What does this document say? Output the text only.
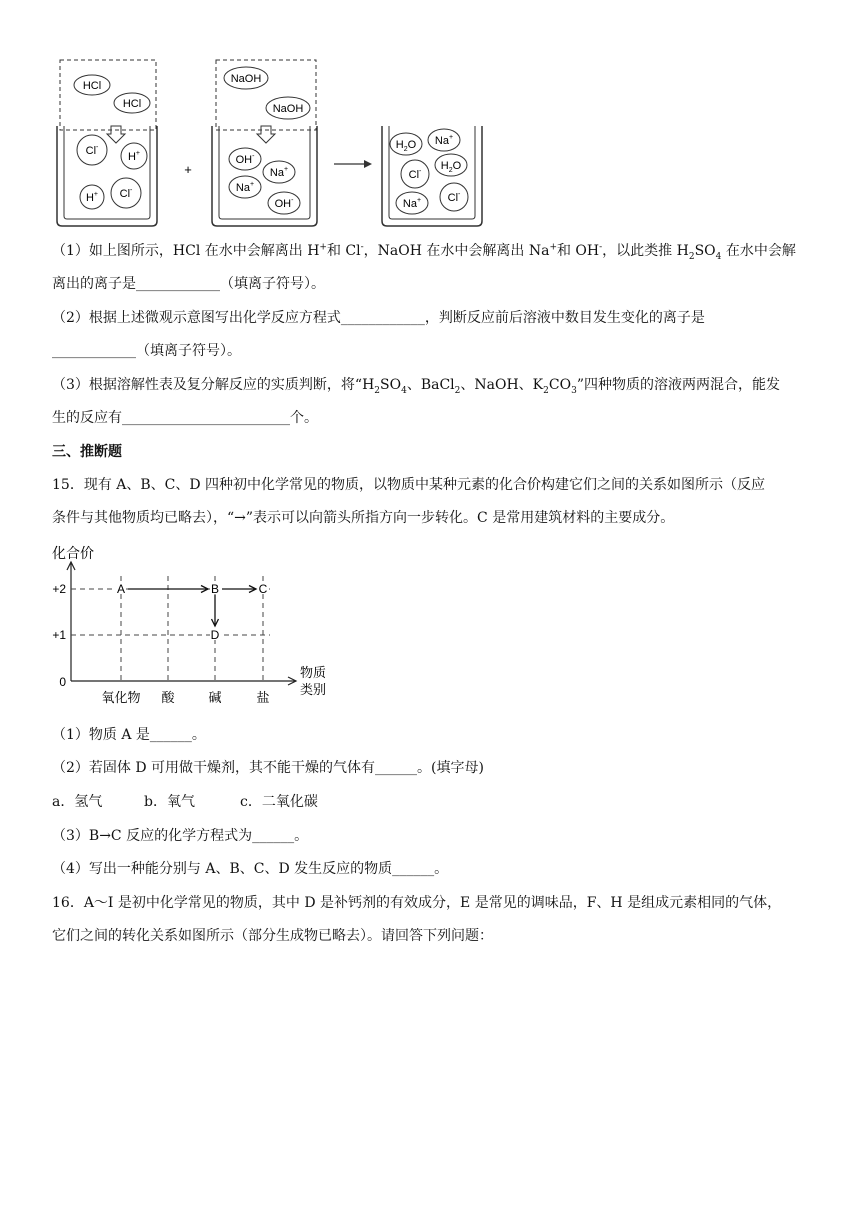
HCl
HCl
Cl-
H+
H+ Cl-
+
NaOH
NaOH
OH-
Na+
Na+
OH-
$H_2O$ Na+
Cl- $H_2O$
Na+ Cl-
（1）如上图所示，HCl 在水中会解离出 H+和 Cl-，NaOH 在水中会解离出 Na+和 OH-，以此类推 $H_2SO_4$ 在水中会解
离出的离子是____________（填离子符号）。
（2）根据上述微观示意图写出化学反应方程式____________，判断反应前后溶液中数目发生变化的离子是
____________（填离子符号）。
（3）根据溶解性表及复分解反应的实质判断，将“$H_2SO_4$、BaCl$_2$、NaOH、$K_2CO_3$”四种物质的溶液两两混合，能发
生的反应有________________________个。
三、推断题
15．现有 A、B、C、D 四种初中化学常见的物质，以物质中某种元素的化合价构建它们之间的关系如图所示（反应
条件与其他物质均已略去），“→”表示可以向箭头所指方向一步转化。C 是常用建筑材料的主要成分。
化合价
+2
+1
0
物质
类别
氧化物 酸	碱	盐
A	B	C
D
（1）物质 A 是______。
（2）若固体 D 可用做干燥剂，其不能干燥的气体有______。(填字母)
a．氢气	b．氧气	c．二氧化碳
（3）B→C 反应的化学方程式为______。
（4）写出一种能分别与 A、B、C、D 发生反应的物质______。
16．A～I 是初中化学常见的物质，其中 D 是补钙剂的有效成分，E 是常见的调味品，F、H 是组成元素相同的气体，
它们之间的转化关系如图所示（部分生成物已略去）。请回答下列问题：
